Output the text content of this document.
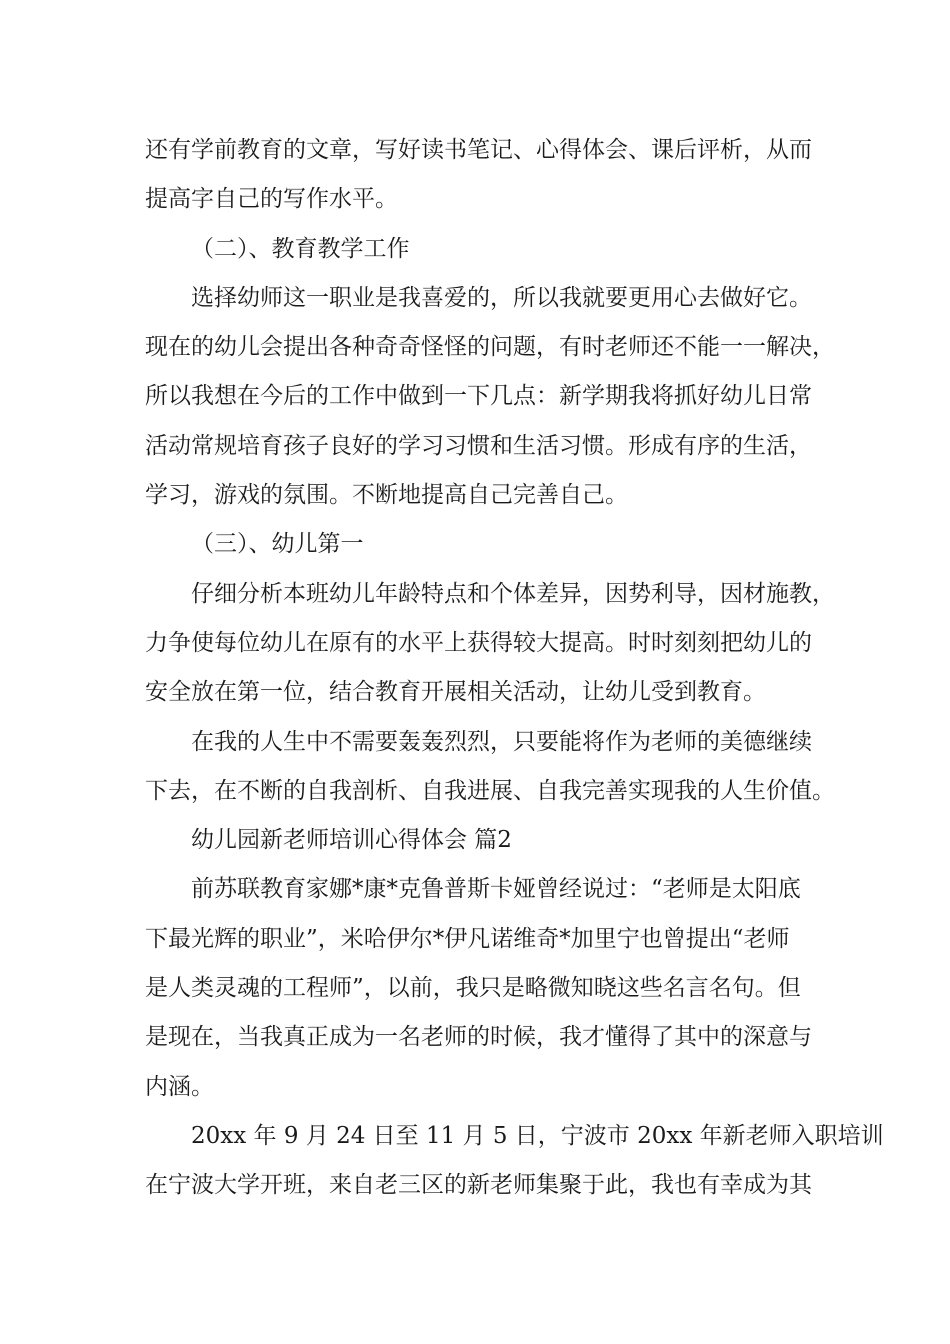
还有学前教育的文章，写好读书笔记、心得体会、课后评析，从而
提高字自己的写作水平。
（二）、教育教学工作
选择幼师这一职业是我喜爱的，所以我就要更用心去做好它。
现在的幼儿会提出各种奇奇怪怪的问题，有时老师还不能一一解决，
所以我想在今后的工作中做到一下几点：新学期我将抓好幼儿日常
活动常规培育孩子良好的学习习惯和生活习惯。形成有序的生活，
学习，游戏的氛围。不断地提高自己完善自己。
（三）、幼儿第一
仔细分析本班幼儿年龄特点和个体差异，因势利导，因材施教，
力争使每位幼儿在原有的水平上获得较大提高。时时刻刻把幼儿的
安全放在第一位，结合教育开展相关活动，让幼儿受到教育。
在我的人生中不需要轰轰烈烈，只要能将作为老师的美德继续
下去，在不断的自我剖析、自我进展、自我完善实现我的人生价值。
幼儿园新老师培训心得体会 篇2
前苏联教育家娜*康*克鲁普斯卡娅曾经说过：“老师是太阳底
下最光辉的职业”，米哈伊尔*伊凡诺维奇*加里宁也曾提出“老师
是人类灵魂的工程师”，以前，我只是略微知晓这些名言名句。但
是现在，当我真正成为一名老师的时候，我才懂得了其中的深意与
内涵。
20xx 年 9 月 24 日至 11 月 5 日，宁波市 20xx 年新老师入职培训
在宁波大学开班，来自老三区的新老师集聚于此，我也有幸成为其
